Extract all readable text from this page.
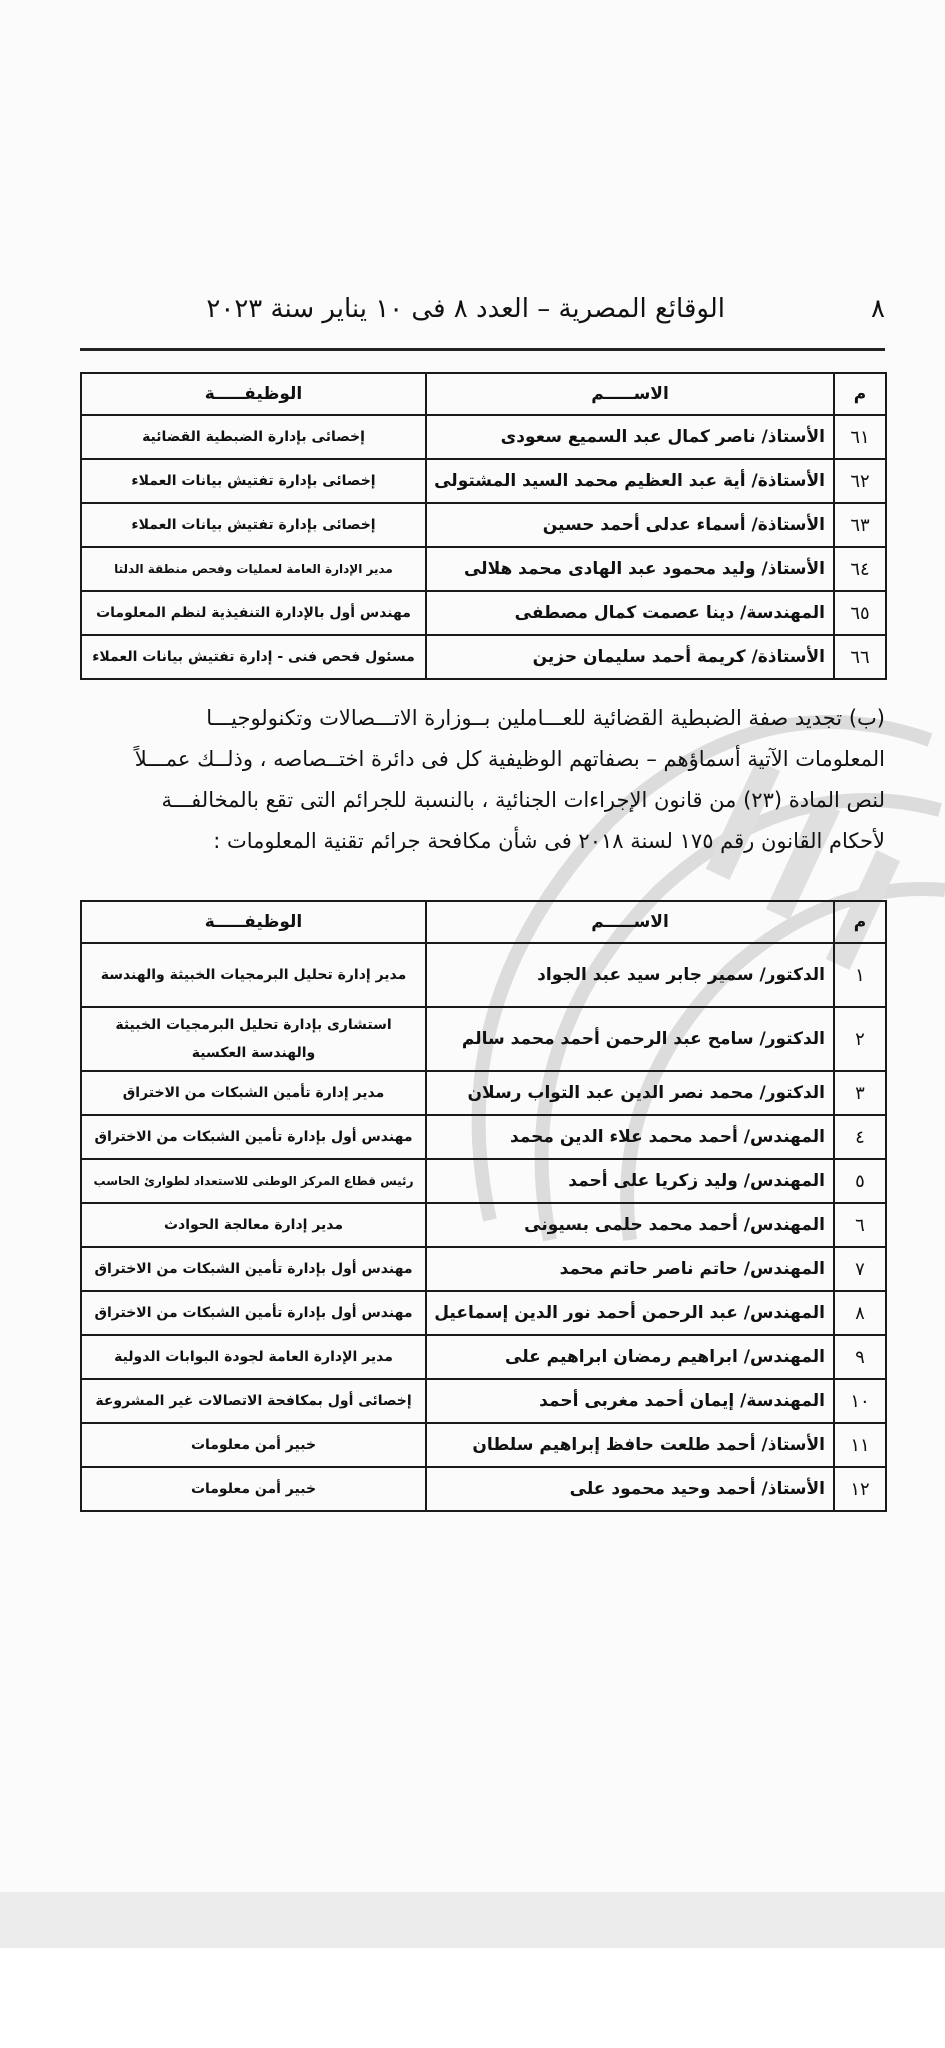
٨
الوقائع المصرية – العدد ٨ فى ١٠ يناير سنة ٢٠٢٣
م	الاســـــم	الوظيفـــــة
٦١	الأستاذ/ ناصر كمال عبد السميع سعودى	إخصائى بإدارة الضبطية القضائية
٦٢	الأستاذة/ أية عبد العظيم محمد السيد المشتولى	إخصائى بإدارة تفتيش بيانات العملاء
٦٣	الأستاذة/ أسماء عدلى أحمد حسين	إخصائى بإدارة تفتيش بيانات العملاء
٦٤	الأستاذ/ وليد محمود عبد الهادى محمد هلالى	مدير الإدارة العامة لعمليات وفحص منطقة الدلتا
٦٥	المهندسة/ دينا عصمت كمال مصطفى	مهندس أول بالإدارة التنفيذية لنظم المعلومات
٦٦	الأستاذة/ كريمة أحمد سليمان حزين	مسئول فحص فنى - إدارة تفتيش بيانات العملاء
(ب) تجديد صفة الضبطية القضائية للعـــاملين بــوزارة الاتـــصالات وتكنولوجيـــا
المعلومات الآتية أسماؤهم – بصفاتهم الوظيفية كل فى دائرة اختــصاصه ، وذلــك عمـــلاً
لنص المادة (٢٣) من قانون الإجراءات الجنائية ، بالنسبة للجرائم التى تقع بالمخالفـــة
لأحكام القانون رقم ١٧٥ لسنة ٢٠١٨ فى شأن مكافحة جرائم تقنية المعلومات :
م	الاســـــم	الوظيفـــــة
١	الدكتور/ سمير جابر سيد عبد الجواد	مدير إدارة تحليل البرمجيات الخبيثة والهندسة
٢	الدكتور/ سامح عبد الرحمن أحمد محمد سالم	استشارى بإدارة تحليل البرمجيات الخبيثة والهندسة العكسية
٣	الدكتور/ محمد نصر الدين عبد التواب رسلان	مدير إدارة تأمين الشبكات من الاختراق
٤	المهندس/ أحمد محمد علاء الدين محمد	مهندس أول بإدارة تأمين الشبكات من الاختراق
٥	المهندس/ وليد زكريا على أحمد	رئيس قطاع المركز الوطنى للاستعداد لطوارئ الحاسب
٦	المهندس/ أحمد محمد حلمى بسيونى	مدير إدارة معالجة الحوادث
٧	المهندس/ حاتم ناصر حاتم محمد	مهندس أول بإدارة تأمين الشبكات من الاختراق
٨	المهندس/ عبد الرحمن أحمد نور الدين إسماعيل	مهندس أول بإدارة تأمين الشبكات من الاختراق
٩	المهندس/ ابراهيم رمضان ابراهيم على	مدير الإدارة العامة لجودة البوابات الدولية
١٠	المهندسة/ إيمان أحمد مغربى أحمد	إخصائى أول بمكافحة الاتصالات غير المشروعة
١١	الأستاذ/ أحمد طلعت حافظ إبراهيم سلطان	خبير أمن معلومات
١٢	الأستاذ/ أحمد وحيد محمود على	خبير أمن معلومات
